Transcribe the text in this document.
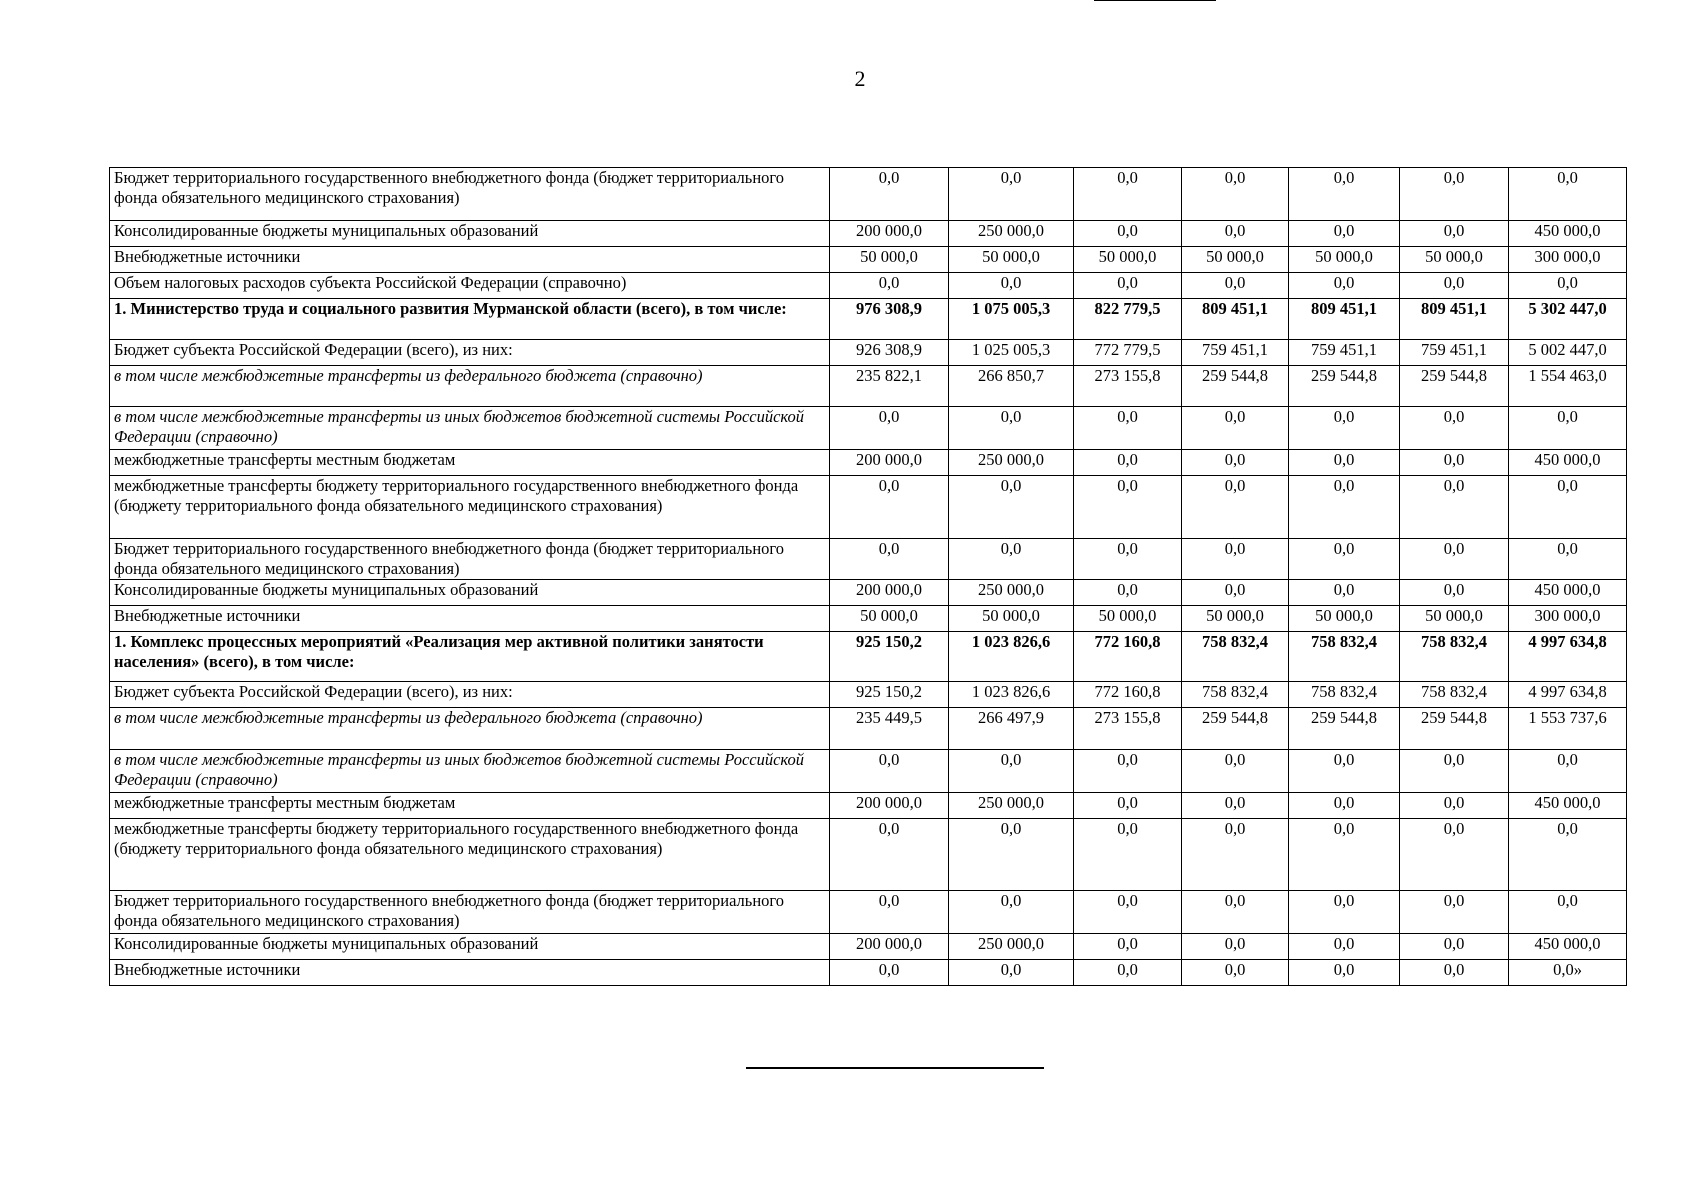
2
Бюджет территориального государственного внебюджетного фонда (бюджет территориального фонда обязательного медицинского страхования)	0,0	0,0	0,0	0,0	0,0	0,0	0,0
Консолидированные бюджеты муниципальных образований	200 000,0	250 000,0	0,0	0,0	0,0	0,0	450 000,0
Внебюджетные источники	50 000,0	50 000,0	50 000,0	50 000,0	50 000,0	50 000,0	300 000,0
Объем налоговых расходов субъекта Российской Федерации (справочно)	0,0	0,0	0,0	0,0	0,0	0,0	0,0
1. Министерство труда и социального развития Мурманской области (всего), в том числе:	976 308,9	1 075 005,3	822 779,5	809 451,1	809 451,1	809 451,1	5 302 447,0
Бюджет субъекта Российской Федерации (всего), из них:	926 308,9	1 025 005,3	772 779,5	759 451,1	759 451,1	759 451,1	5 002 447,0
в том числе межбюджетные трансферты из федерального бюджета (справочно)	235 822,1	266 850,7	273 155,8	259 544,8	259 544,8	259 544,8	1 554 463,0
в том числе межбюджетные трансферты из иных бюджетов бюджетной системы Российской Федерации (справочно)	0,0	0,0	0,0	0,0	0,0	0,0	0,0
межбюджетные трансферты местным бюджетам	200 000,0	250 000,0	0,0	0,0	0,0	0,0	450 000,0
межбюджетные трансферты бюджету территориального государственного внебюджетного фонда (бюджету территориального фонда обязательного медицинского страхования)	0,0	0,0	0,0	0,0	0,0	0,0	0,0
Бюджет территориального государственного внебюджетного фонда (бюджет территориального фонда обязательного медицинского страхования)	0,0	0,0	0,0	0,0	0,0	0,0	0,0
Консолидированные бюджеты муниципальных образований	200 000,0	250 000,0	0,0	0,0	0,0	0,0	450 000,0
Внебюджетные источники	50 000,0	50 000,0	50 000,0	50 000,0	50 000,0	50 000,0	300 000,0
1. Комплекс процессных мероприятий «Реализация мер активной политики занятости населения» (всего), в том числе:	925 150,2	1 023 826,6	772 160,8	758 832,4	758 832,4	758 832,4	4 997 634,8
Бюджет субъекта Российской Федерации (всего), из них:	925 150,2	1 023 826,6	772 160,8	758 832,4	758 832,4	758 832,4	4 997 634,8
в том числе межбюджетные трансферты из федерального бюджета (справочно)	235 449,5	266 497,9	273 155,8	259 544,8	259 544,8	259 544,8	1 553 737,6
в том числе межбюджетные трансферты из иных бюджетов бюджетной системы Российской Федерации (справочно)	0,0	0,0	0,0	0,0	0,0	0,0	0,0
межбюджетные трансферты местным бюджетам	200 000,0	250 000,0	0,0	0,0	0,0	0,0	450 000,0
межбюджетные трансферты бюджету территориального государственного внебюджетного фонда (бюджету территориального фонда обязательного медицинского страхования)	0,0	0,0	0,0	0,0	0,0	0,0	0,0
Бюджет территориального государственного внебюджетного фонда (бюджет территориального фонда обязательного медицинского страхования)	0,0	0,0	0,0	0,0	0,0	0,0	0,0
Консолидированные бюджеты муниципальных образований	200 000,0	250 000,0	0,0	0,0	0,0	0,0	450 000,0
Внебюджетные источники	0,0	0,0	0,0	0,0	0,0	0,0	0,0»
